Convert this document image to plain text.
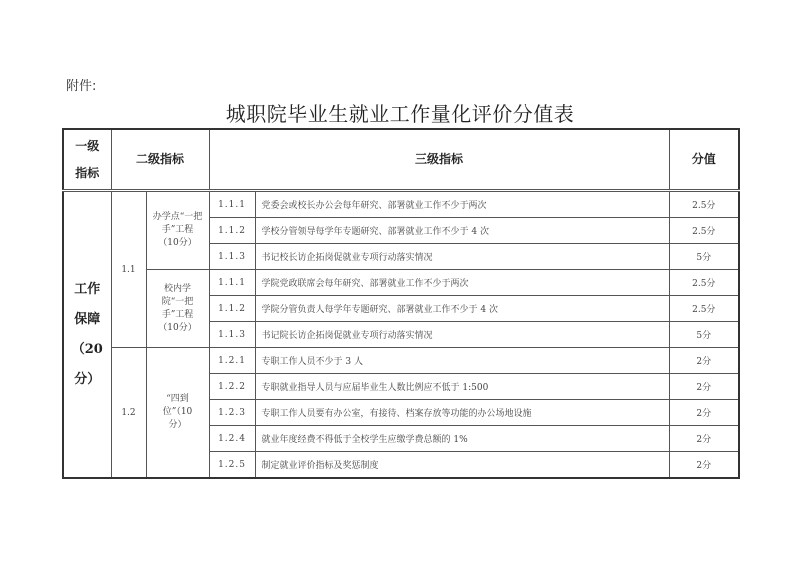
附件:
城职院毕业生就业工作量化评价分值表
一级指标	二级指标		三级指标		分值
工作保障（20分）	1.1	办学点“一把手”工程（10分）	1.1.1	党委会或校长办公会每年研究、部署就业工作不少于两次	2.5分
			1.1.2	学校分管领导每学年专题研究、部署就业工作不少于 4 次	2.5分
			1.1.3	书记校长访企拓岗促就业专项行动落实情况	5分
		校内学院“一把手”工程（10分）	1.1.1	学院党政联席会每年研究、部署就业工作不少于两次	2.5分
			1.1.2	学院分管负责人每学年专题研究、部署就业工作不少于 4 次	2.5分
			1.1.3	书记院长访企拓岗促就业专项行动落实情况	5分
	1.2	“四到位”（10分）	1.2.1	专职工作人员不少于 3 人	2分
			1.2.2	专职就业指导人员与应届毕业生人数比例应不低于 1:500	2分
			1.2.3	专职工作人员要有办公室，有接待、档案存放等功能的办公场地设施	2分
			1.2.4	就业年度经费不得低于全校学生应缴学费总额的 1%	2分
			1.2.5	制定就业评价指标及奖惩制度	2分
